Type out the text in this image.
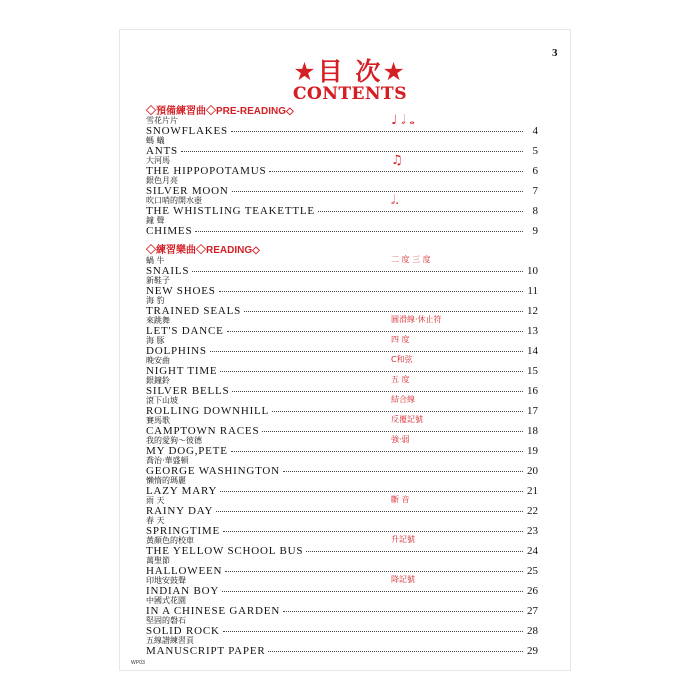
3
★目 次★
CONTENTS
◇預備練習曲◇PRE-READING◇
雪花片片
SNOWFLAKES	4
♩ 𝅗𝅥 𝅝
螞 蟻
ANTS	5
大河馬
THE HIPPOPOTAMUS	6
♫
銀色月亮
SILVER MOON	7
吹口哨的開水壺
THE WHISTLING TEAKETTLE	8
𝅗𝅥.
鐘 聲
CHIMES	9
◇練習樂曲◇READING◇
蝸 牛
SNAILS	10
二 度 三 度
新鞋子
NEW SHOES	11
海 豹
TRAINED SEALS	12
來跳舞
LET'S DANCE	13
圓滑線·休止符
海 豚
DOLPHINS	14
四 度
晚安曲
NIGHT TIME	15
C和弦
銀鐘鈴
SILVER BELLS	16
五 度
滾下山坡
ROLLING DOWNHILL	17
結合線
賽馬歌
CAMPTOWN RACES	18
反覆記號
我的愛狗～彼德
MY DOG,PETE	19
強·弱
喬治·華盛頓
GEORGE WASHINGTON	20
懶惰的瑪麗
LAZY MARY	21
雨 天
RAINY DAY	22
斷 音
春 天
SPRINGTIME	23
黃顏色的校車
THE YELLOW SCHOOL BUS	24
升記號
萬聖節
HALLOWEEN	25
印地安鼓聲
INDIAN BOY	26
降記號
中國式花園
IN A CHINESE GARDEN	27
堅固的磐石
SOLID ROCK	28
五線譜練習頁
MANUSCRIPT PAPER	29
WP03
